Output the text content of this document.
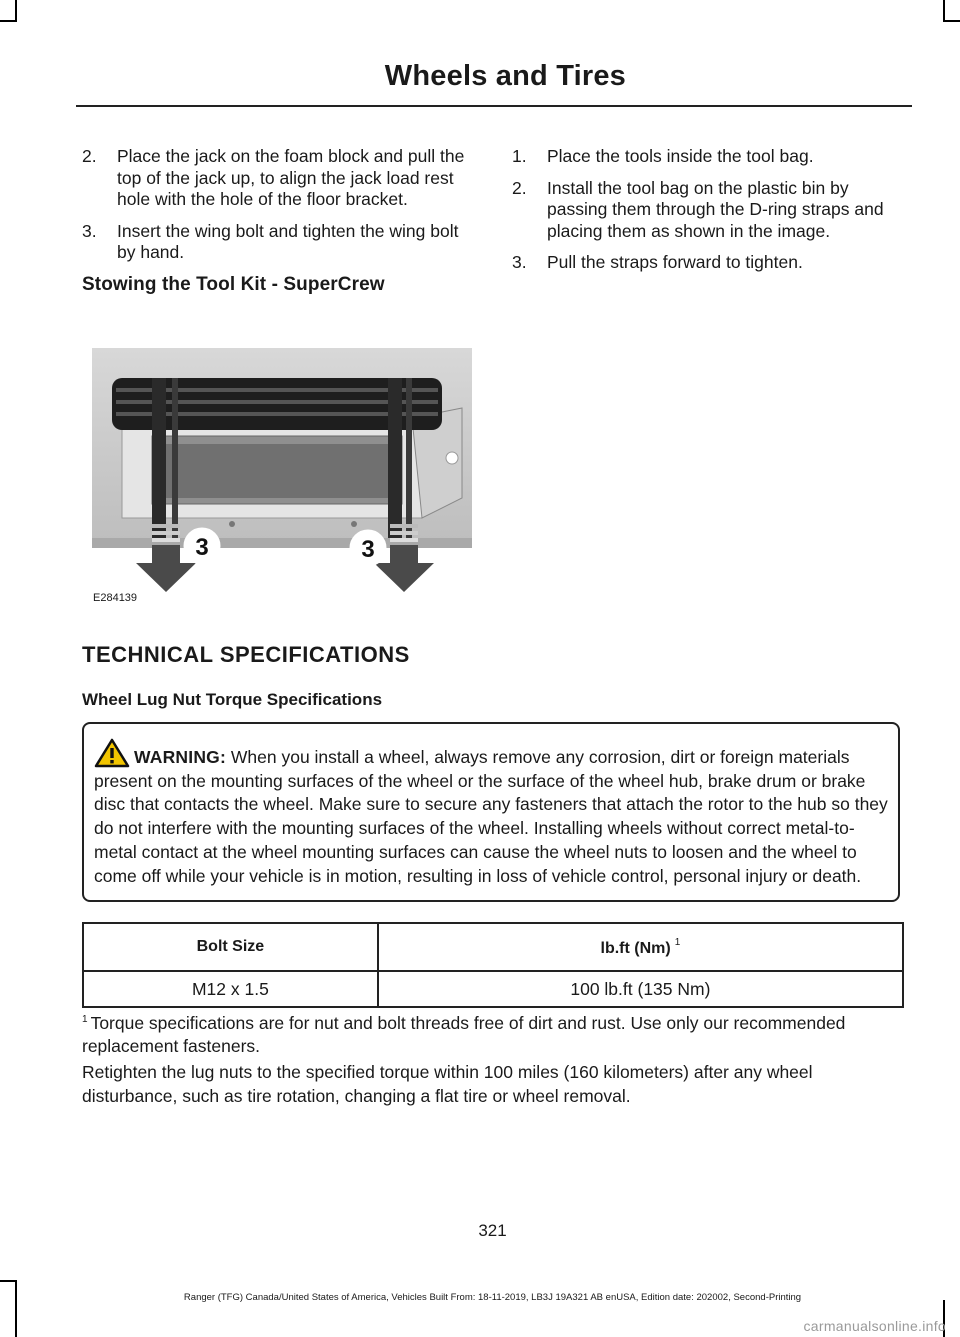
Wheels and Tires
2. Place the jack on the foam block and pull the top of the jack up, to align the jack load rest hole with the hole of the floor bracket.
3. Insert the wing bolt and tighten the wing bolt by hand.
Stowing the Tool Kit - SuperCrew
3	3
E284139
1. Place the tools inside the tool bag.
2. Install the tool bag on the plastic bin by passing them through the D-ring straps and placing them as shown in the image.
3. Pull the straps forward to tighten.
TECHNICAL SPECIFICATIONS
Wheel Lug Nut Torque Specifications
WARNING: When you install a wheel, always remove any corrosion, dirt or foreign materials present on the mounting surfaces of the wheel or the surface of the wheel hub, brake drum or brake disc that contacts the wheel. Make sure to secure any fasteners that attach the rotor to the hub so they do not interfere with the mounting surfaces of the wheel. Installing wheels without correct metal-to-metal contact at the wheel mounting surfaces can cause the wheel nuts to loosen and the wheel to come off while your vehicle is in motion, resulting in loss of vehicle control, personal injury or death.
Bolt Size	lb.ft (Nm) $^1$
M12 x 1.5	100 lb.ft (135 Nm)
$^1$ Torque specifications are for nut and bolt threads free of dirt and rust. Use only our recommended replacement fasteners.
Retighten the lug nuts to the specified torque within 100 miles (160 kilometers) after any wheel disturbance, such as tire rotation, changing a flat tire or wheel removal.
321
Ranger (TFG) Canada/United States of America, Vehicles Built From: 18-11-2019, LB3J 19A321 AB enUSA, Edition date: 202002, Second-Printing
carmanualsonline.info
